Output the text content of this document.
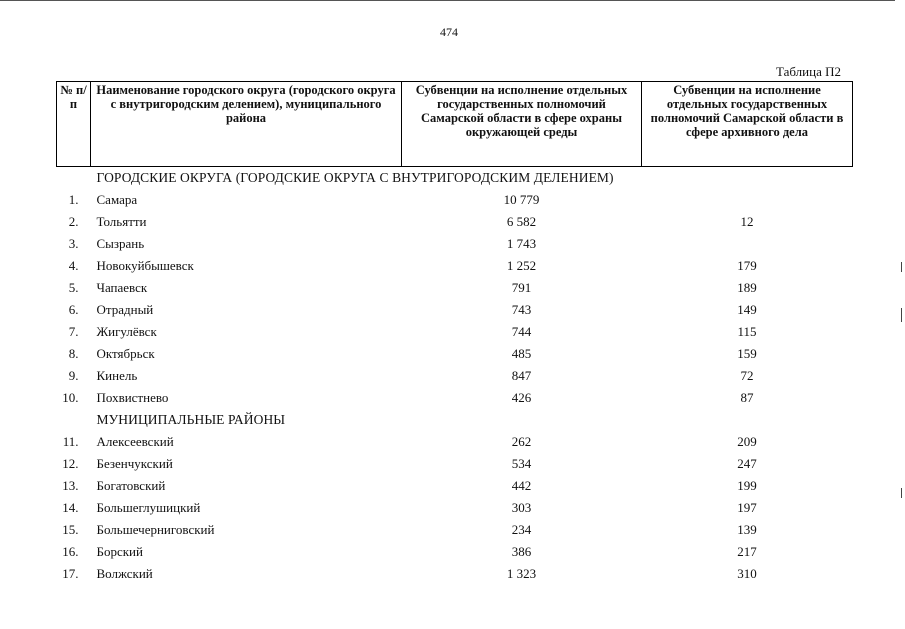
474
Таблица П2
№ п/п	Наименование городского округа (городского округа с внутригородским делением), муниципального района	Субвенции на исполнение отдельных государственных полномочий Самарской области в сфере охраны окружающей среды	Субвенции на исполнение отдельных государственных полномочий Самарской области в сфере архивного дела
	ГОРОДСКИЕ ОКРУГА (ГОРОДСКИЕ ОКРУГА С ВНУТРИГОРОДСКИМ ДЕЛЕНИЕМ)		
1.	Самара	10 779	
2.	Тольятти	6 582	12
3.	Сызрань	1 743	
4.	Новокуйбышевск	1 252	179
5.	Чапаевск	791	189
6.	Отрадный	743	149
7.	Жигулёвск	744	115
8.	Октябрьск	485	159
9.	Кинель	847	72
10.	Похвистнево	426	87
	МУНИЦИПАЛЬНЫЕ РАЙОНЫ		
11.	Алексеевский	262	209
12.	Безенчукский	534	247
13.	Богатовский	442	199
14.	Большеглушицкий	303	197
15.	Большечерниговский	234	139
16.	Борский	386	217
17.	Волжский	1 323	310
